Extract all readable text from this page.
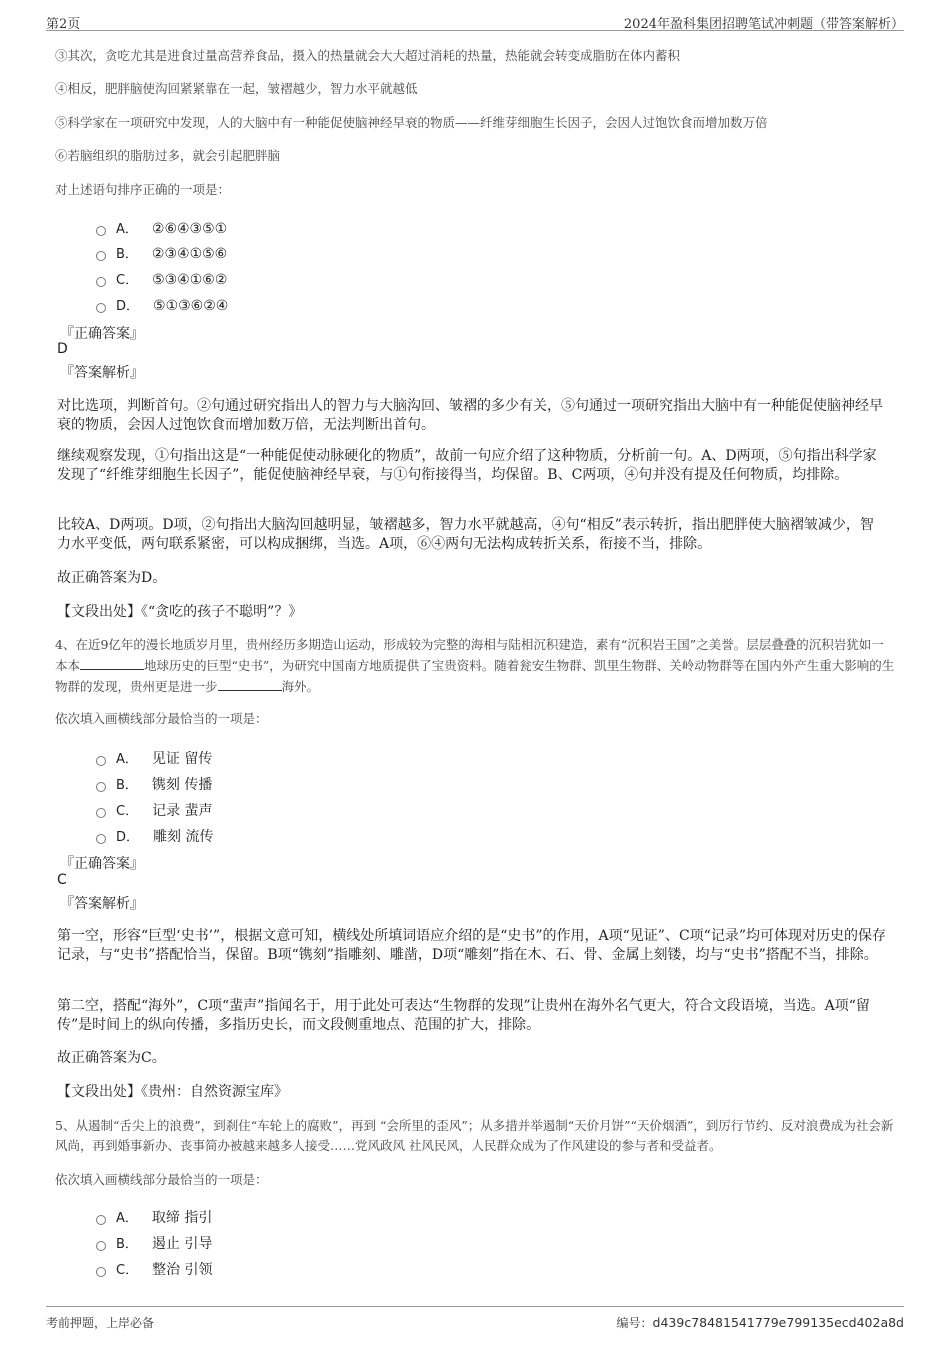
第2页	2024年盈科集团招聘笔试冲刺题（带答案解析）
③其次，贪吃尤其是进食过量高营养食品，摄入的热量就会大大超过消耗的热量，热能就会转变成脂肪在体内蓄积
④相反，肥胖脑使沟回紧紧靠在一起，皱褶越少，智力水平就越低
⑤科学家在一项研究中发现，人的大脑中有一种能促使脑神经早衰的物质——纤维芽细胞生长因子，会因人过饱饮食而增加数万倍
⑥若脑组织的脂肪过多，就会引起肥胖脑
对上述语句排序正确的一项是：
A． ②⑥④③⑤①
B． ②③④①⑤⑥
C． ⑤③④①⑥②
D． ⑤①③⑥②④
『正确答案』
D
『答案解析』
对比选项，判断首句。②句通过研究指出人的智力与大脑沟回、皱褶的多少有关，⑤句通过一项研究指出大脑中有一种能促使脑神经早衰的物质，会因人过饱饮食而增加数万倍，无法判断出首句。
继续观察发现，①句指出这是“一种能促使动脉硬化的物质”，故前一句应介绍了这种物质，分析前一句。A、D两项，⑤句指出科学家发现了“纤维芽细胞生长因子”，能促使脑神经早衰，与①句衔接得当，均保留。B、C两项，④句并没有提及任何物质，均排除。
比较A、D两项。D项，②句指出大脑沟回越明显，皱褶越多，智力水平就越高，④句“相反”表示转折，指出肥胖使大脑褶皱减少，智力水平变低，两句联系紧密，可以构成捆绑，当选。A项，⑥④两句无法构成转折关系，衔接不当，排除。
故正确答案为D。
【文段出处】《“贪吃的孩子不聪明”？》
4、在近9亿年的漫长地质岁月里，贵州经历多期造山运动，形成较为完整的海相与陆相沉积建造，素有“沉积岩王国”之美誉。层层叠叠的沉积岩犹如一本本	地球历史的巨型“史书”，为研究中国南方地质提供了宝贵资料。随着瓮安生物群、凯里生物群、关岭动物群等在国内外产生重大影响的生物群的发现，贵州更是进一步	海外。
依次填入画横线部分最恰当的一项是：
A． 见证 留传
B． 镌刻 传播
C． 记录 蜚声
D． 雕刻 流传
『正确答案』
C
『答案解析』
第一空，形容“巨型‘史书’”，根据文意可知，横线处所填词语应介绍的是“史书”的作用，A项“见证”、C项“记录”均可体现对历史的保存记录，与“史书”搭配恰当，保留。B项“镌刻”指雕刻、雕凿，D项“雕刻”指在木、石、骨、金属上刻镂，均与“史书”搭配不当，排除。
第二空，搭配“海外”，C项“蜚声”指闻名于，用于此处可表达“生物群的发现”让贵州在海外名气更大，符合文段语境，当选。A项“留传”是时间上的纵向传播，多指历史长，而文段侧重地点、范围的扩大，排除。
故正确答案为C。
【文段出处】《贵州：自然资源宝库》
5、从遏制“舌尖上的浪费”，到刹住“车轮上的腐败”，再到 “会所里的歪风”；从多措并举遏制“天价月饼”“天价烟酒”，到厉行节约、反对浪费成为社会新风尚，再到婚事新办、丧事简办被越来越多人接受……党风政风 社风民风，人民群众成为了作风建设的参与者和受益者。
依次填入画横线部分最恰当的一项是：
A． 取缔 指引
B． 遏止 引导
C． 整治 引领
考前押题，上岸必备	编号：d439c78481541779e799135ecd402a8d
